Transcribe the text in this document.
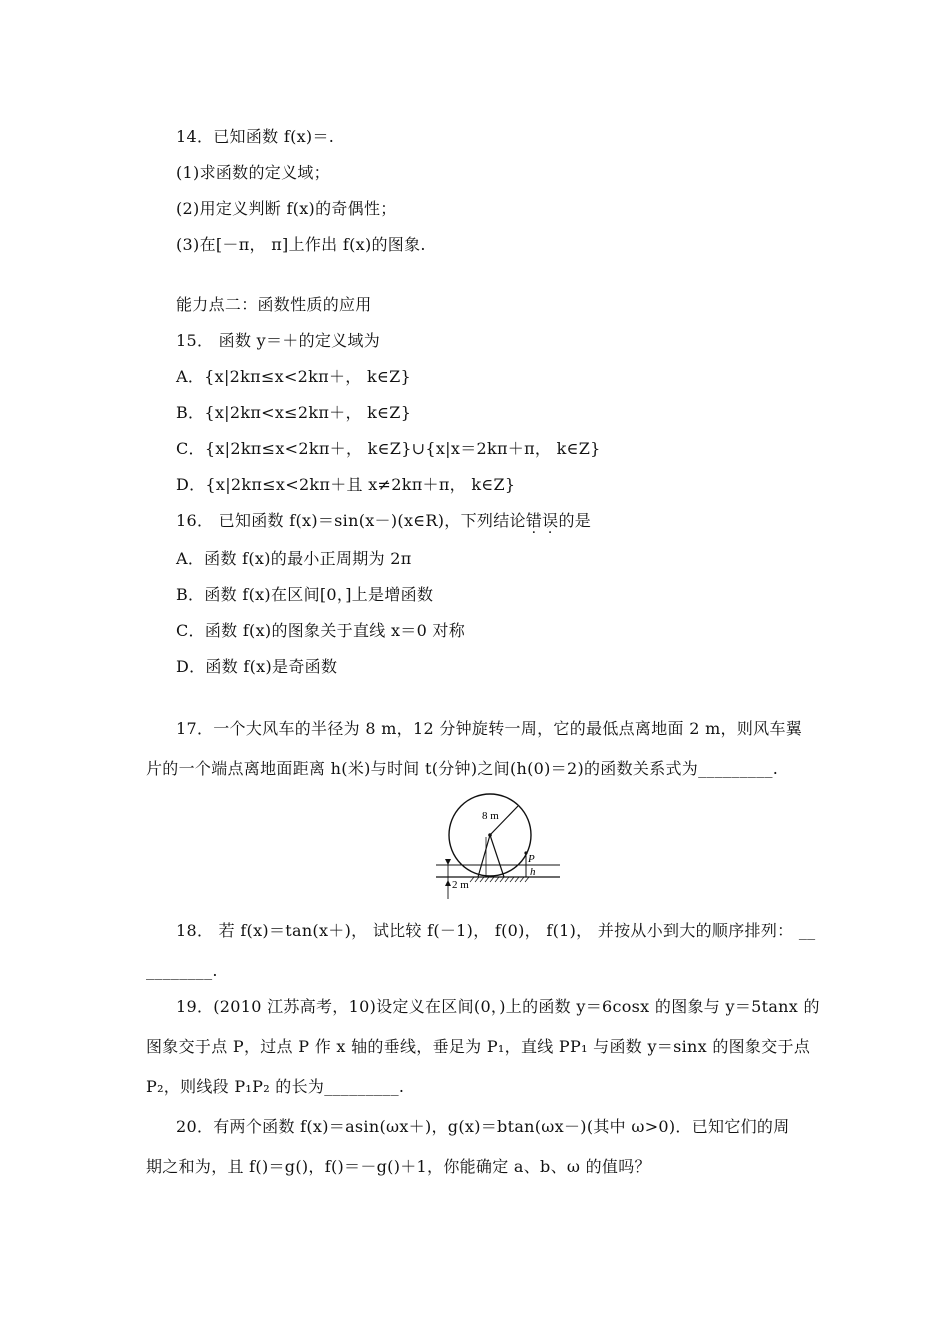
14．已知函数 f(x)＝.
(1)求函数的定义域；
(2)用定义判断 f(x)的奇偶性；
(3)在[－π， π]上作出 f(x)的图象.
能力点二：函数性质的应用
15． 函数 y＝＋的定义域为
A．{x|2kπ≤x<2kπ＋， k∈Z}
B．{x|2kπ<x≤2kπ＋， k∈Z}
C．{x|2kπ≤x<2kπ＋， k∈Z}∪{x|x＝2kπ＋π， k∈Z}
D．{x|2kπ≤x<2kπ＋且 x≠2kπ＋π， k∈Z}
16． 已知函数 f(x)＝sin(x－)(x∈R)，下列结论错误的是
A．函数 f(x)的最小正周期为 2π
B．函数 f(x)在区间[0，]上是增函数
C．函数 f(x)的图象关于直线 x＝0 对称
D．函数 f(x)是奇函数
17．一个大风车的半径为 8 m，12 分钟旋转一周，它的最低点离地面 2 m，则风车翼
片的一个端点离地面距离 h(米)与时间 t(分钟)之间(h(0)＝2)的函数关系式为_________.
8 m
2 m
P
h
18． 若 f(x)＝tan(x＋)， 试比较 f(－1)， f(0)， f(1)， 并按从小到大的顺序排列： __
________.
19．(2010 江苏高考，10)设定义在区间(0，)上的函数 y＝6cosx 的图象与 y＝5tanx 的
图象交于点 P，过点 P 作 x 轴的垂线，垂足为 P₁，直线 PP₁ 与函数 y＝sinx 的图象交于点
P₂，则线段 P₁P₂ 的长为_________.
20．有两个函数 f(x)＝asin(ωx＋)，g(x)＝btan(ωx－)(其中 ω>0)．已知它们的周
期之和为，且 f()＝g()，f()＝－g()＋1，你能确定 a、b、ω 的值吗？
